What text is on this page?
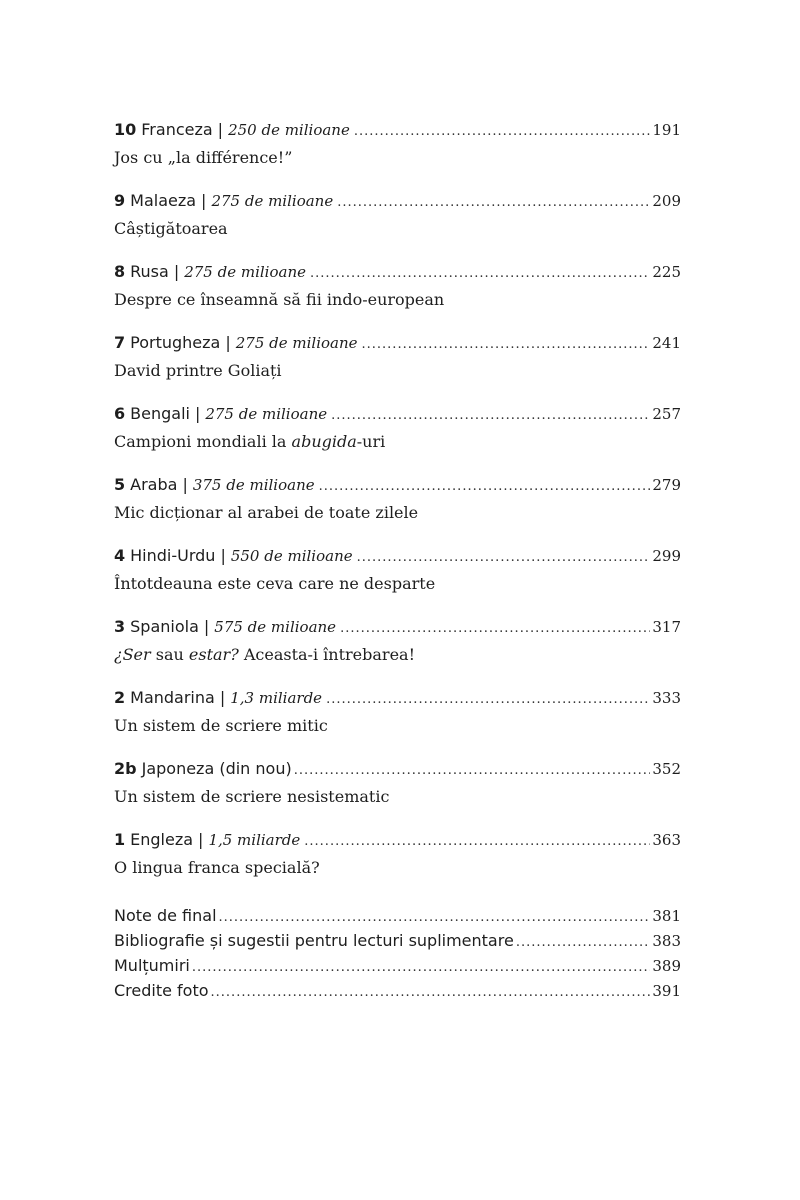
10 Franceza | 250 de milioane .....	191
Jos cu „la différence!”
9 Malaeza | 275 de milioane .....	209
Câștigătoarea
8 Rusa | 275 de milioane .....	225
Despre ce înseamnă să fii indo-european
7 Portugheza | 275 de milioane .....	241
David printre Goliați
6 Bengali | 275 de milioane .....	257
Campioni mondiali la abugida-uri
5 Araba | 375 de milioane .....	279
Mic dicționar al arabei de toate zilele
4 Hindi-Urdu | 550 de milioane .....	299
Întotdeauna este ceva care ne desparte
3 Spaniola | 575 de milioane .....	317
¿Ser sau estar? Aceasta-i întrebarea!
2 Mandarina | 1,3 miliarde .....	333
Un sistem de scriere mitic
2b Japoneza (din nou) .....	352
Un sistem de scriere nesistematic
1 Engleza | 1,5 miliarde .....	363
O lingua franca specială?
Note de final .....	381
Bibliografie și sugestii pentru lecturi suplimentare .....	383
Mulțumiri .....	389
Credite foto .....	391
